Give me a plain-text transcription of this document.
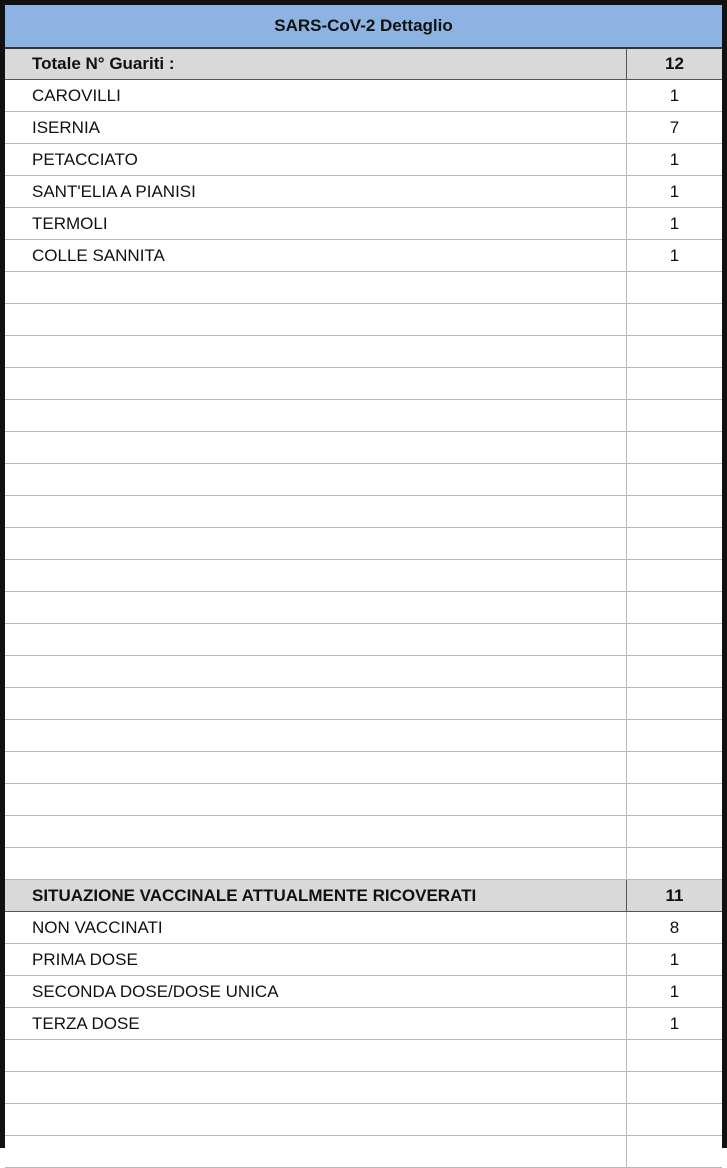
SARS-CoV-2 Dettaglio
Totale N° Guariti :	12
CAROVILLI	1
ISERNIA	7
PETACCIATO	1
SANT'ELIA A PIANISI	1
TERMOLI	1
COLLE SANNITA	1
SITUAZIONE VACCINALE ATTUALMENTE RICOVERATI	11
NON VACCINATI	8
PRIMA DOSE	1
SECONDA DOSE/DOSE UNICA	1
TERZA DOSE	1
